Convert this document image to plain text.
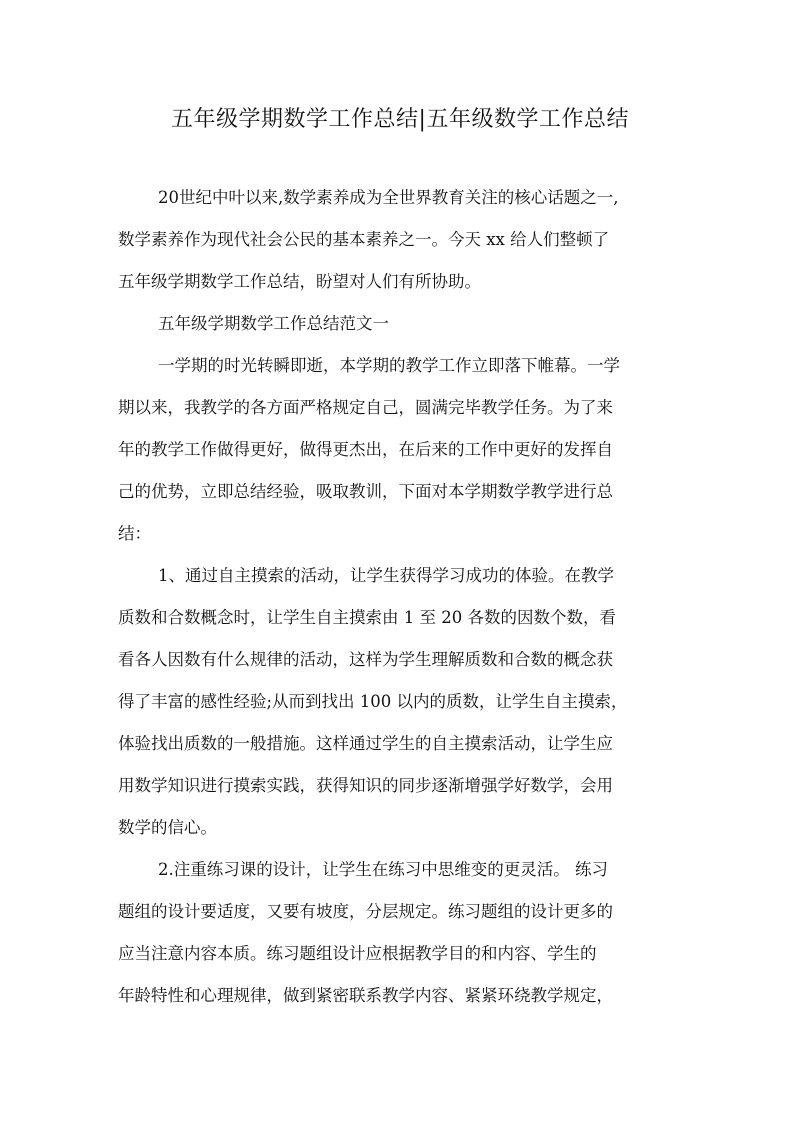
五年级学期数学工作总结|五年级数学工作总结

20世纪中叶以来,数学素养成为全世界教育关注的核心话题之一,

数学素养作为现代社会公民的基本素养之一。今天 xx 给人们整顿了

五年级学期数学工作总结，盼望对人们有所协助。

五年级学期数学工作总结范文一

一学期的时光转瞬即逝，本学期的教学工作立即落下帷幕。一学

期以来，我教学的各方面严格规定自己，圆满完毕教学任务。为了来

年的教学工作做得更好，做得更杰出，在后来的工作中更好的发挥自

己的优势，立即总结经验，吸取教训，下面对本学期数学教学进行总

结：

1、通过自主摸索的活动，让学生获得学习成功的体验。在教学

质数和合数概念时，让学生自主摸索由 1 至 20 各数的因数个数，看

看各人因数有什么规律的活动，这样为学生理解质数和合数的概念获

得了丰富的感性经验;从而到找出 100 以内的质数，让学生自主摸索，

体验找出质数的一般措施。这样通过学生的自主摸索活动，让学生应

用数学知识进行摸索实践，获得知识的同步逐渐增强学好数学，会用

数学的信心。

2.注重练习课的设计，让学生在练习中思维变的更灵活。 练习

题组的设计要适度，又要有坡度，分层规定。练习题组的设计更多的

应当注意内容本质。练习题组设计应根据教学目的和内容、学生的

年龄特性和心理规律，做到紧密联系教学内容、紧紧环绕教学规定，
